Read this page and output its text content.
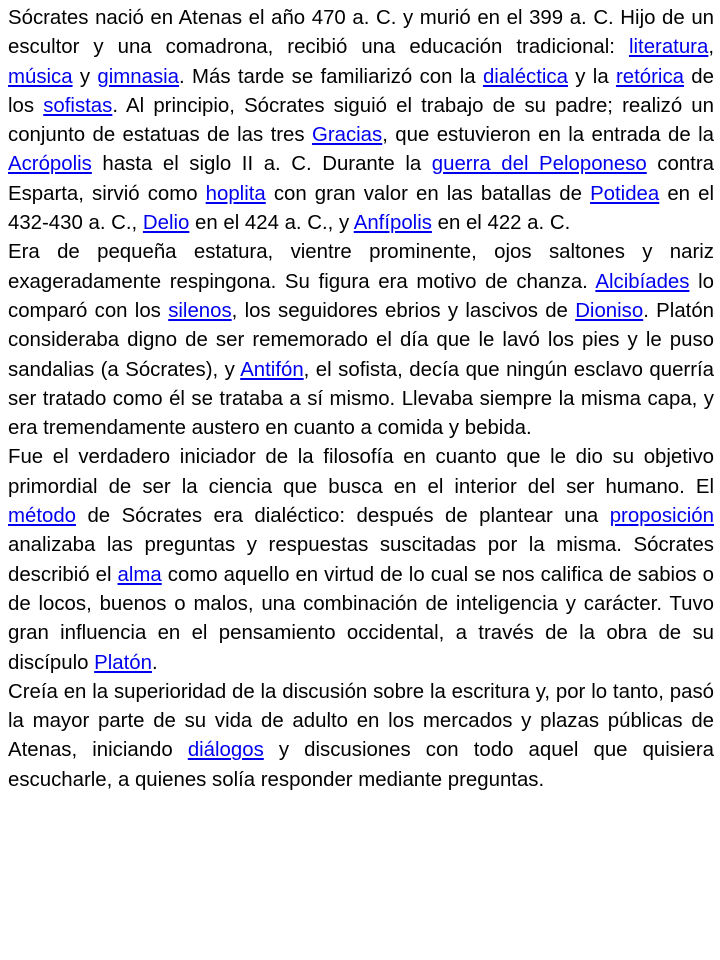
Sócrates nació en Atenas el año 470 a. C. y murió en el 399 a. C. Hijo de un escultor y una comadrona, recibió una educación tradicional: literatura, música y gimnasia. Más tarde se familiarizó con la dialéctica y la retórica de los sofistas. Al principio, Sócrates siguió el trabajo de su padre; realizó un conjunto de estatuas de las tres Gracias, que estuvieron en la entrada de la Acrópolis hasta el siglo II a. C. Durante la guerra del Peloponeso contra Esparta, sirvió como hoplita con gran valor en las batallas de Potidea en el 432-430 a. C., Delio en el 424 a. C., y Anfípolis en el 422 a. C.

Era de pequeña estatura, vientre prominente, ojos saltones y nariz exageradamente respingona. Su figura era motivo de chanza. Alcibíades lo comparó con los silenos, los seguidores ebrios y lascivos de Dioniso. Platón consideraba digno de ser rememorado el día que le lavó los pies y le puso sandalias (a Sócrates), y Antifón, el sofista, decía que ningún esclavo querría ser tratado como él se trataba a sí mismo. Llevaba siempre la misma capa, y era tremendamente austero en cuanto a comida y bebida.

Fue el verdadero iniciador de la filosofía en cuanto que le dio su objetivo primordial de ser la ciencia que busca en el interior del ser humano. El método de Sócrates era dialéctico: después de plantear una proposición analizaba las preguntas y respuestas suscitadas por la misma. Sócrates describió el alma como aquello en virtud de lo cual se nos califica de sabios o de locos, buenos o malos, una combinación de inteligencia y carácter. Tuvo gran influencia en el pensamiento occidental, a través de la obra de su discípulo Platón.

Creía en la superioridad de la discusión sobre la escritura y, por lo tanto, pasó la mayor parte de su vida de adulto en los mercados y plazas públicas de Atenas, iniciando diálogos y discusiones con todo aquel que quisiera escucharle, a quienes solía responder mediante preguntas.
